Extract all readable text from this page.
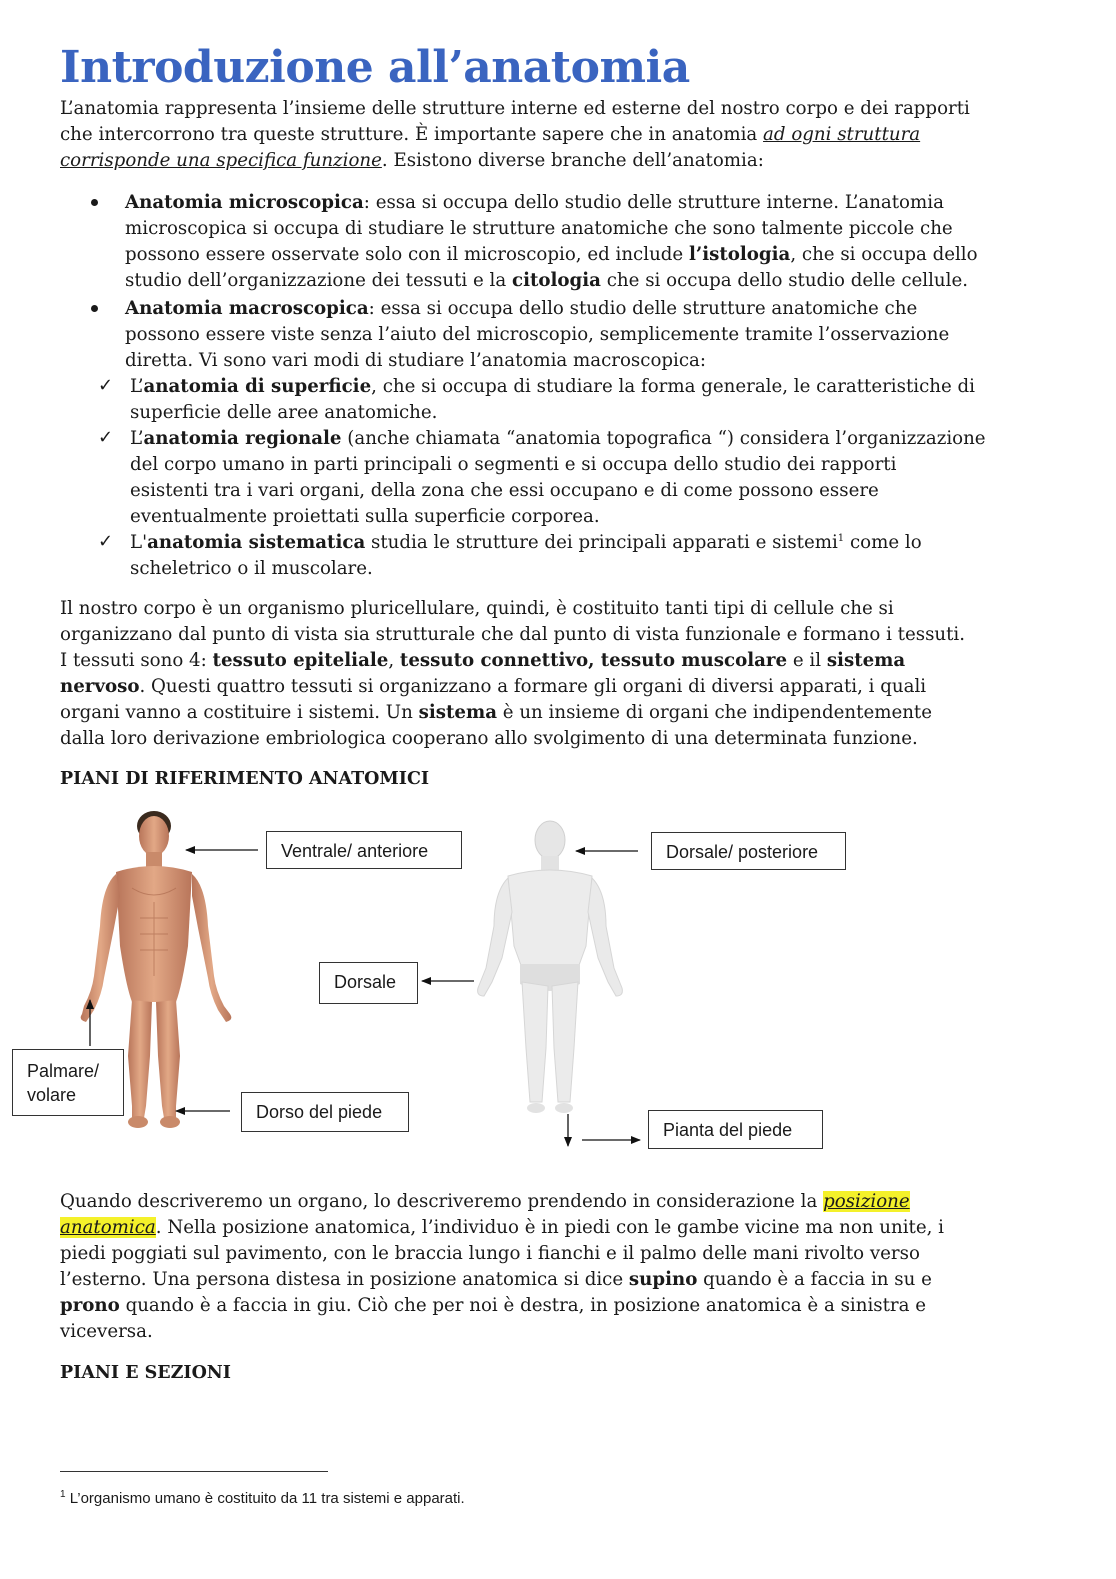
Introduzione all’anatomia

L’anatomia rappresenta l’insieme delle strutture interne ed esterne del nostro corpo e dei rapporti

che intercorrono tra queste strutture. È importante sapere che in anatomia ad ogni struttura

corrisponde una specifica funzione. Esistono diverse branche dell’anatomia:

Anatomia microscopica: essa si occupa dello studio delle strutture interne. L’anatomia

microscopica si occupa di studiare le strutture anatomiche che sono talmente piccole che

possono essere osservate solo con il microscopio, ed include l’istologia, che si occupa dello

studio dell’organizzazione dei tessuti e la citologia che si occupa dello studio delle cellule.

Anatomia macroscopica: essa si occupa dello studio delle strutture anatomiche che

possono essere viste senza l’aiuto del microscopio, semplicemente tramite l’osservazione

diretta. Vi sono vari modi di studiare l’anatomia macroscopica:

✓ L’anatomia di superficie, che si occupa di studiare la forma generale, le caratteristiche di

superficie delle aree anatomiche.

✓ L’anatomia regionale (anche chiamata “anatomia topografica “) considera l’organizzazione

del corpo umano in parti principali o segmenti e si occupa dello studio dei rapporti

esistenti tra i vari organi, della zona che essi occupano e di come possono essere

eventualmente proiettati sulla superficie corporea.

✓ L'anatomia sistematica studia le strutture dei principali apparati e sistemi$^1$ come lo

scheletrico o il muscolare.

Il nostro corpo è un organismo pluricellulare, quindi, è costituito tanti tipi di cellule che si

organizzano dal punto di vista sia strutturale che dal punto di vista funzionale e formano i tessuti.

I tessuti sono 4: tessuto epiteliale, tessuto connettivo, tessuto muscolare e il sistema

nervoso. Questi quattro tessuti si organizzano a formare gli organi di diversi apparati, i quali

organi vanno a costituire i sistemi. Un sistema è un insieme di organi che indipendentemente

dalla loro derivazione embriologica cooperano allo svolgimento di una determinata funzione.

PIANI DI RIFERIMENTO ANATOMICI
Ventrale/ anteriore	Dorsale/ posteriore
Dorsale
Palmare/
volare
Dorso del piede
Pianta del piede

Quando descriveremo un organo, lo descriveremo prendendo in considerazione la posizione

anatomica. Nella posizione anatomica, l’individuo è in piedi con le gambe vicine ma non unite, i

piedi poggiati sul pavimento, con le braccia lungo i fianchi e il palmo delle mani rivolto verso

l’esterno. Una persona distesa in posizione anatomica si dice supino quando è a faccia in su e

prono quando è a faccia in giu. Ciò che per noi è destra, in posizione anatomica è a sinistra e

viceversa.

PIANI E SEZIONI

$^1$ L’organismo umano è costituito da 11 tra sistemi e apparati.
